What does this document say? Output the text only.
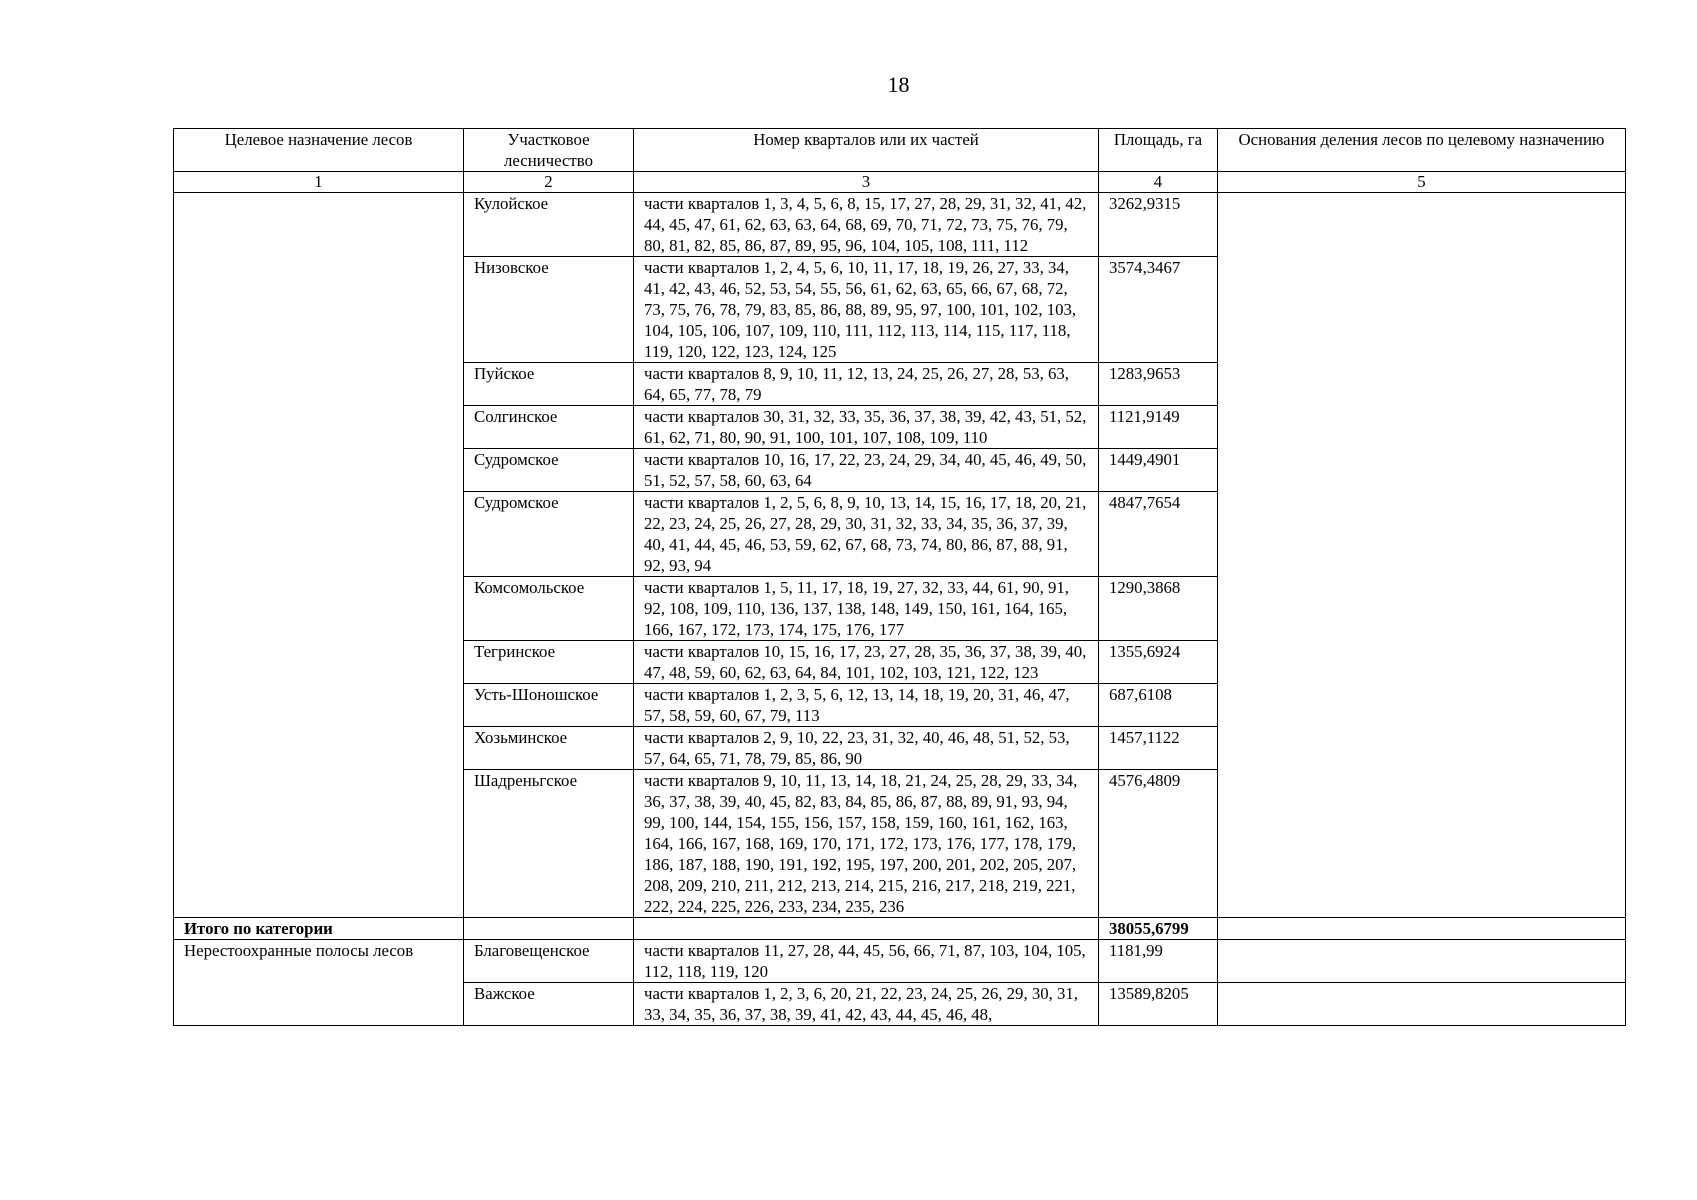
18
Целевое назначение лесов	Участковое лесничество	Номер кварталов или их частей	Площадь, га	Основания деления лесов по целевому назначению
1	2	3	4	5
	Кулойское	части кварталов 1, 3, 4, 5, 6, 8, 15, 17, 27, 28, 29, 31, 32, 41, 42, 44, 45, 47, 61, 62, 63, 63, 64, 68, 69, 70, 71, 72, 73, 75, 76, 79, 80, 81, 82, 85, 86, 87, 89, 95, 96, 104, 105, 108, 111, 112	3262,9315	
	Низовское	части кварталов 1, 2, 4, 5, 6, 10, 11, 17, 18, 19, 26, 27, 33, 34, 41, 42, 43, 46, 52, 53, 54, 55, 56, 61, 62, 63, 65, 66, 67, 68, 72, 73, 75, 76, 78, 79, 83, 85, 86, 88, 89, 95, 97, 100, 101, 102, 103, 104, 105, 106, 107, 109, 110, 111, 112, 113, 114, 115, 117, 118, 119, 120, 122, 123, 124, 125	3574,3467	
	Пуйское	части кварталов 8, 9, 10, 11, 12, 13, 24, 25, 26, 27, 28, 53, 63, 64, 65, 77, 78, 79	1283,9653	
	Солгинское	части кварталов 30, 31, 32, 33, 35, 36, 37, 38, 39, 42, 43, 51, 52, 61, 62, 71, 80, 90, 91, 100, 101, 107, 108, 109, 110	1121,9149	
	Судромское	части кварталов 10, 16, 17, 22, 23, 24, 29, 34, 40, 45, 46, 49, 50, 51, 52, 57, 58, 60, 63, 64	1449,4901	
	Судромское	части кварталов 1, 2, 5, 6, 8, 9, 10, 13, 14, 15, 16, 17, 18, 20, 21, 22, 23, 24, 25, 26, 27, 28, 29, 30, 31, 32, 33, 34, 35, 36, 37, 39, 40, 41, 44, 45, 46, 53, 59, 62, 67, 68, 73, 74, 80, 86, 87, 88, 91, 92, 93, 94	4847,7654	
	Комсомольское	части кварталов 1, 5, 11, 17, 18, 19, 27, 32, 33, 44, 61, 90, 91, 92, 108, 109, 110, 136, 137, 138, 148, 149, 150, 161, 164, 165, 166, 167, 172, 173, 174, 175, 176, 177	1290,3868	
	Тегринское	части кварталов 10, 15, 16, 17, 23, 27, 28, 35, 36, 37, 38, 39, 40, 47, 48, 59, 60, 62, 63, 64, 84, 101, 102, 103, 121, 122, 123	1355,6924	
	Усть-Шоношское	части кварталов 1, 2, 3, 5, 6, 12, 13, 14, 18, 19, 20, 31, 46, 47, 57, 58, 59, 60, 67, 79, 113	687,6108	
	Хозьминское	части кварталов 2, 9, 10, 22, 23, 31, 32, 40, 46, 48, 51, 52, 53, 57, 64, 65, 71, 78, 79, 85, 86, 90	1457,1122	
	Шадреньгское	части кварталов 9, 10, 11, 13, 14, 18, 21, 24, 25, 28, 29, 33, 34, 36, 37, 38, 39, 40, 45, 82, 83, 84, 85, 86, 87, 88, 89, 91, 93, 94, 99, 100, 144, 154, 155, 156, 157, 158, 159, 160, 161, 162, 163, 164, 166, 167, 168, 169, 170, 171, 172, 173, 176, 177, 178, 179, 186, 187, 188, 190, 191, 192, 195, 197, 200, 201, 202, 205, 207, 208, 209, 210, 211, 212, 213, 214, 215, 216, 217, 218, 219, 221, 222, 224, 225, 226, 233, 234, 235, 236	4576,4809	
Итого по категории			38055,6799	
Нерестоохранные полосы лесов	Благовещенское	части кварталов 11, 27, 28, 44, 45, 56, 66, 71, 87, 103, 104, 105, 112, 118, 119, 120	1181,99	
	Важское	части кварталов 1, 2, 3, 6, 20, 21, 22, 23, 24, 25, 26, 29, 30, 31, 33, 34, 35, 36, 37, 38, 39, 41, 42, 43, 44, 45, 46, 48,	13589,8205	
